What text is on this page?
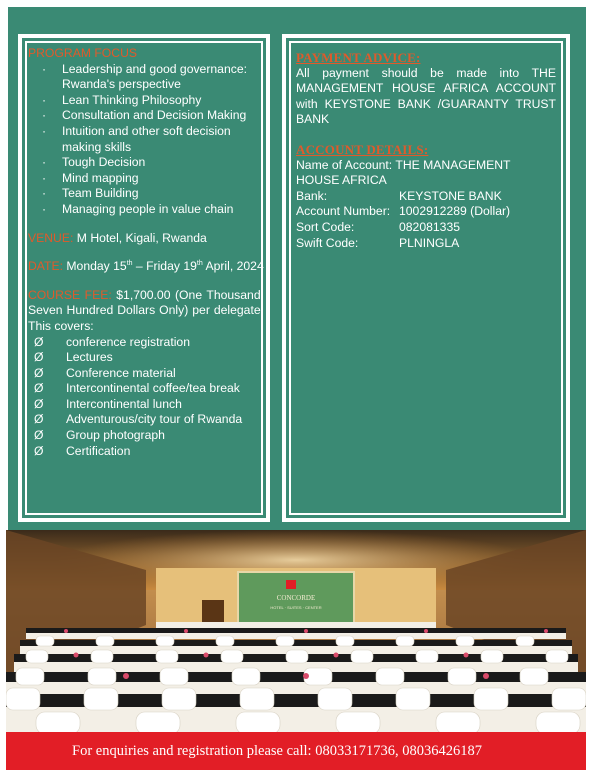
PROGRAM FOCUS
·	Leadership and good governance: Rwanda's perspective
·	Lean Thinking Philosophy
·	Consultation and Decision Making
·	Intuition and other soft decision making skills
·	Tough Decision
·	Mind mapping
·	Team Building
·	Managing people in value chain
VENUE: M Hotel, Kigali, Rwanda
DATE: Monday 15th – Friday 19th April, 2024
COURSE FEE: $1,700.00 (One Thousand, Seven Hundred Dollars Only) per delegate. This covers:
Ø conference registration
Ø Lectures
Ø Conference material
Ø Intercontinental coffee/tea break
Ø Intercontinental lunch
Ø Adventurous/city tour of Rwanda
Ø Group photograph
Ø Certification
PAYMENT ADVICE:
All payment should be made into THE MANAGEMENT HOUSE AFRICA ACCOUNT with KEYSTONE BANK /GUARANTY TRUST BANK
ACCOUNT DETAILS:
Name of Account: THE MANAGEMENT HOUSE AFRICA
Bank:	KEYSTONE BANK
Account Number: 1002912289 (Dollar)
Sort Code:	082081335
Swift Code:	PLNINGLA
CONCORDE
HOTEL · SUITES · CENTER
For enquiries and registration please call: 08033171736, 08036426187
